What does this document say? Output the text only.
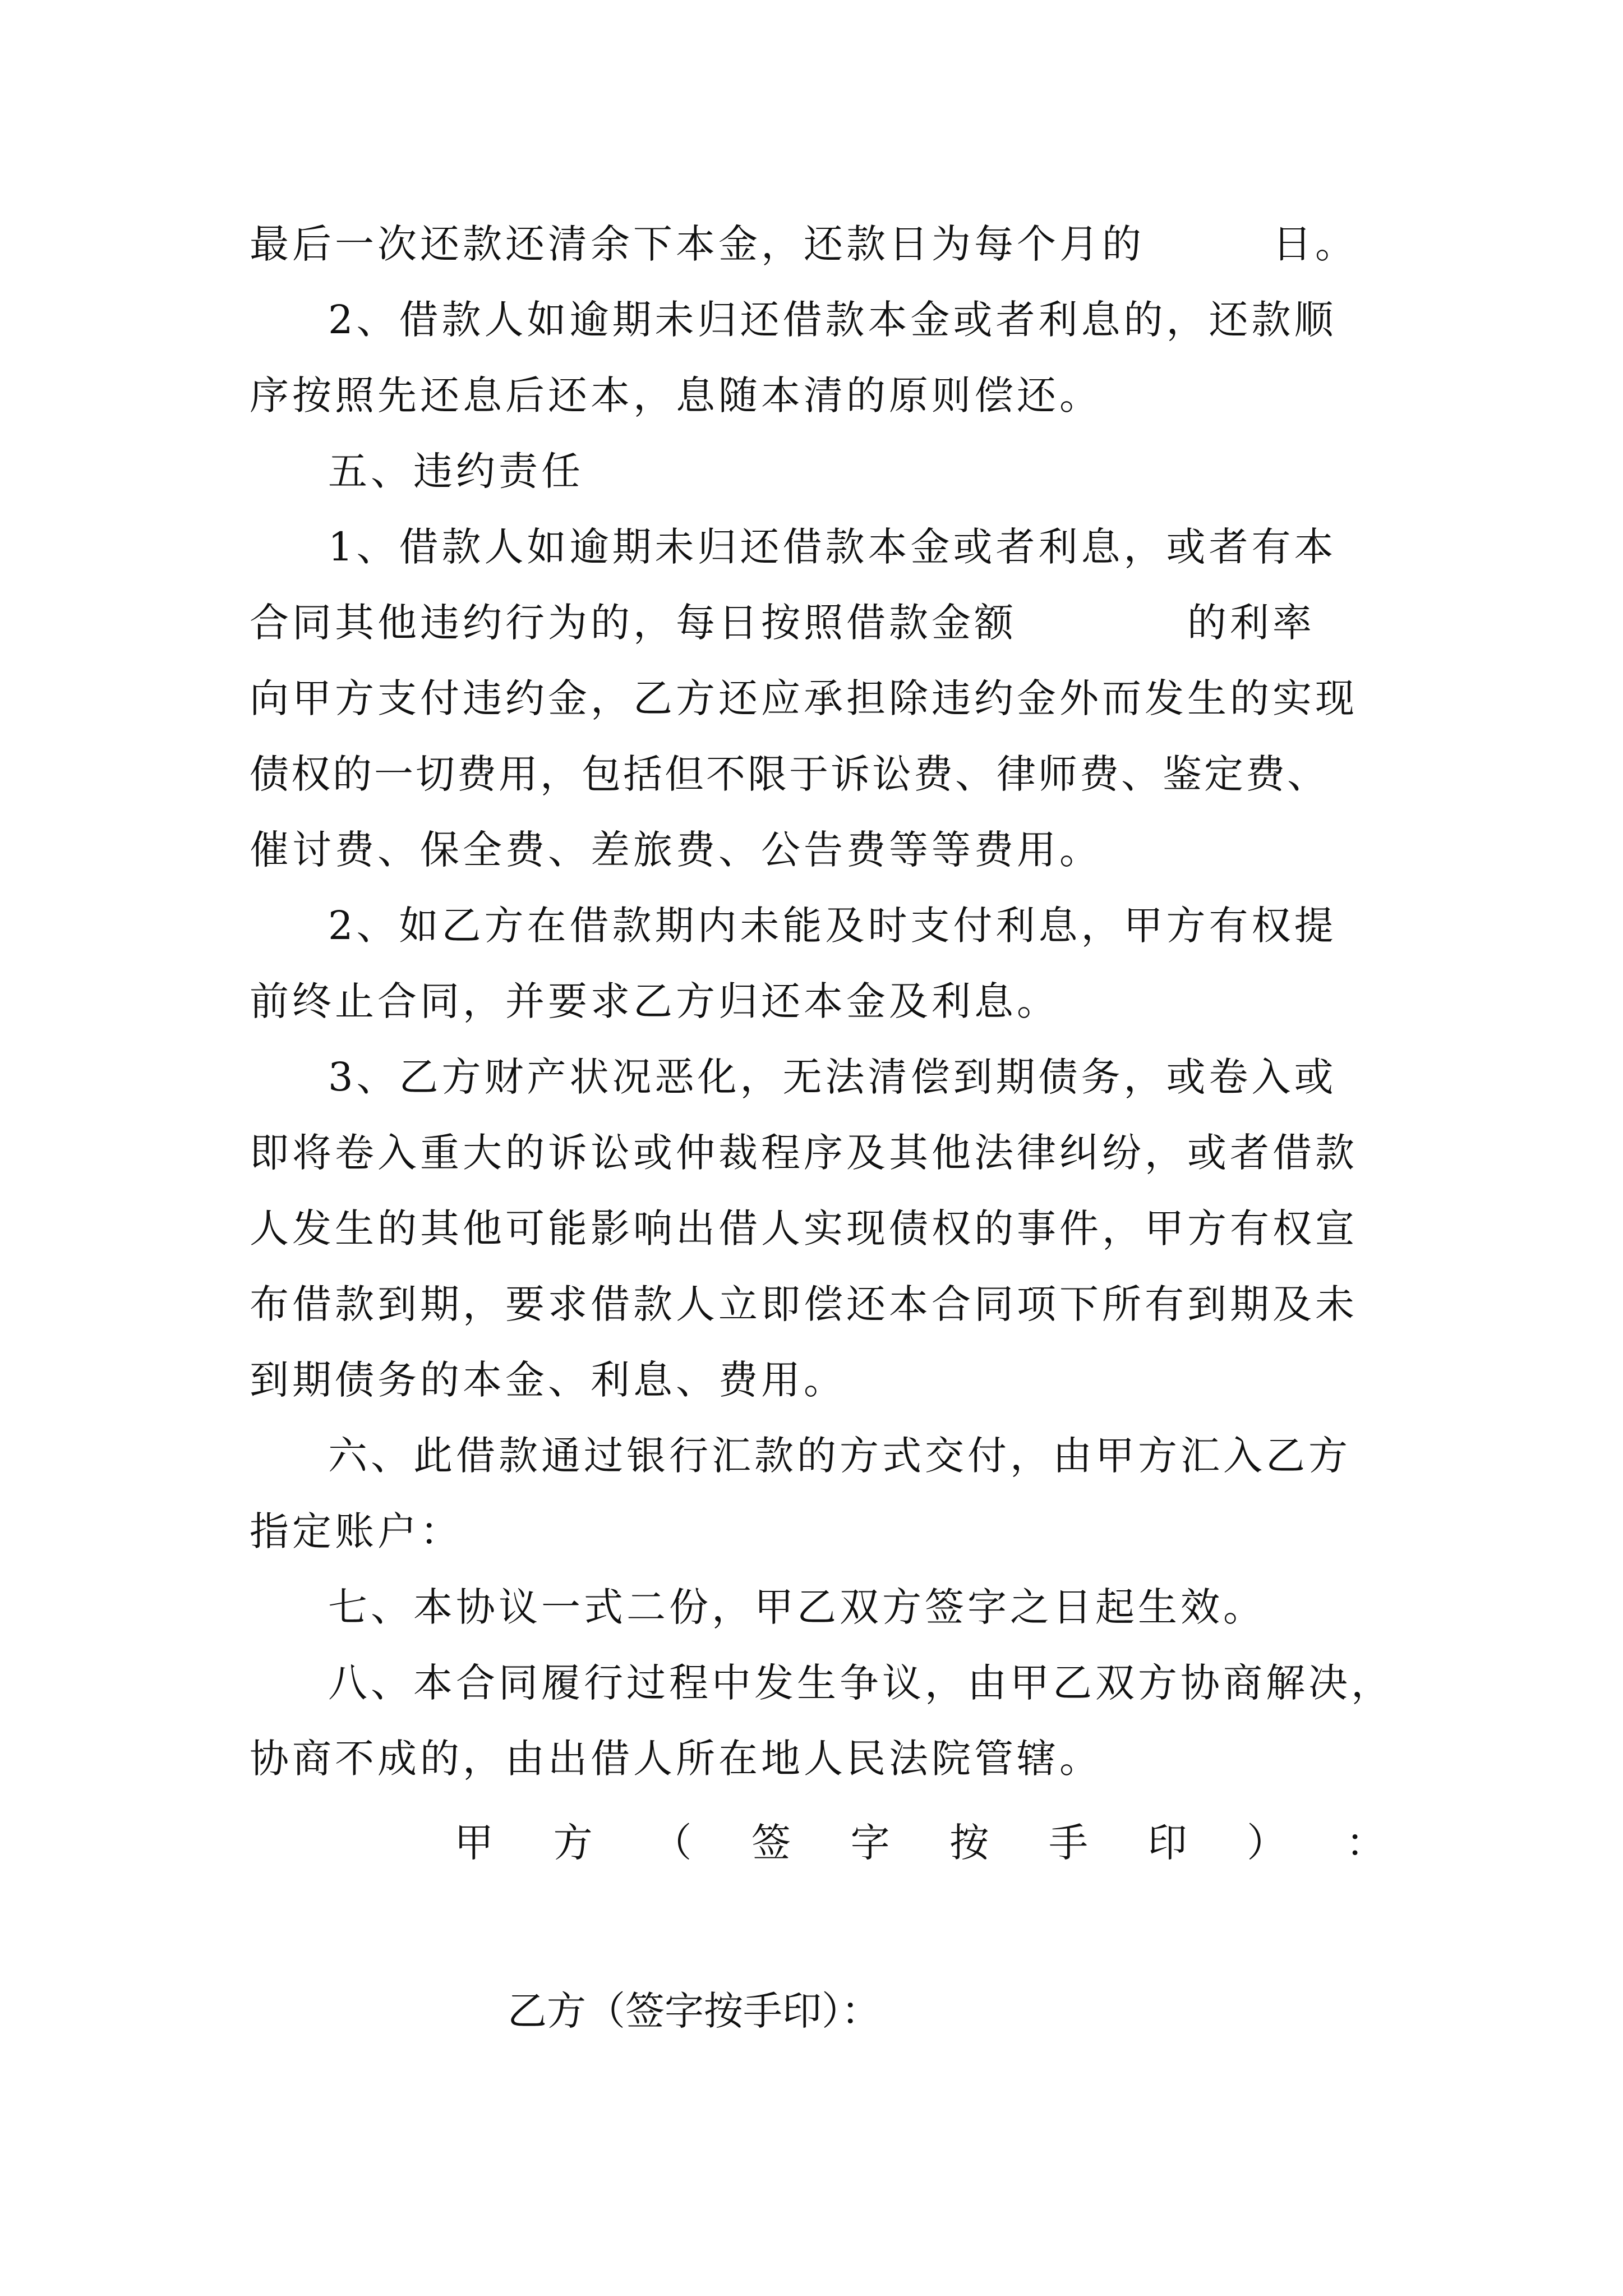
最后一次还款还清余下本金，还款日为每个月的　　　日。
2、借款人如逾期未归还借款本金或者利息的，还款顺
序按照先还息后还本，息随本清的原则偿还。
五、违约责任
1、借款人如逾期未归还借款本金或者利息，或者有本
合同其他违约行为的，每日按照借款金额　　　　的利率
向甲方支付违约金，乙方还应承担除违约金外而发生的实现
债权的一切费用，包括但不限于诉讼费、律师费、鉴定费、
催讨费、保全费、差旅费、公告费等等费用。
2、如乙方在借款期内未能及时支付利息，甲方有权提
前终止合同，并要求乙方归还本金及利息。
3、乙方财产状况恶化，无法清偿到期债务，或卷入或
即将卷入重大的诉讼或仲裁程序及其他法律纠纷，或者借款
人发生的其他可能影响出借人实现债权的事件，甲方有权宣
布借款到期，要求借款人立即偿还本合同项下所有到期及未
到期债务的本金、利息、费用。
六、此借款通过银行汇款的方式交付，由甲方汇入乙方
指定账户：
七、本协议一式二份，甲乙双方签字之日起生效。
八、本合同履行过程中发生争议，由甲乙双方协商解决，
协商不成的，由出借人所在地人民法院管辖。
甲 方 （ 签 字 按 手 印 ） ：
乙方（签字按手印）：
